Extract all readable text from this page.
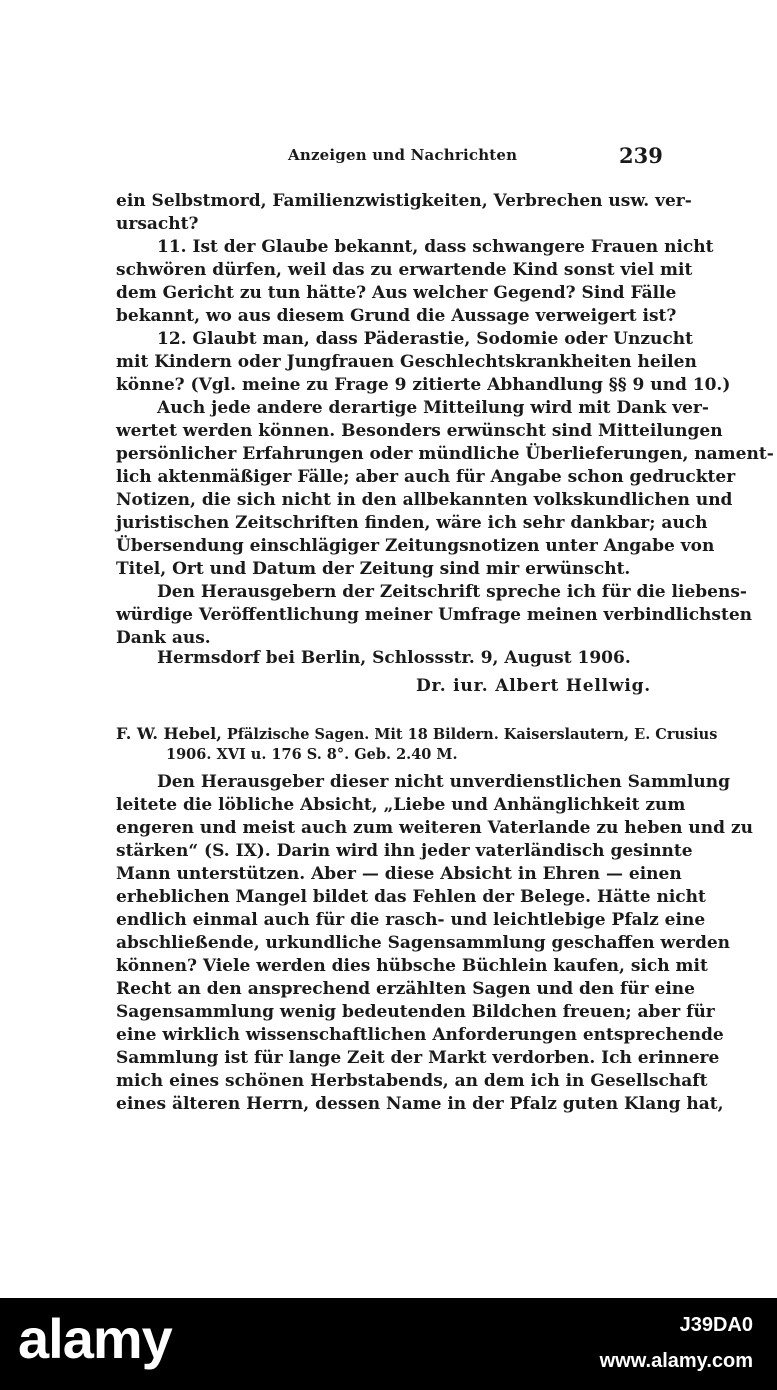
Anzeigen und Nachrichten	239
ein Selbstmord, Familienzwistigkeiten, Verbrechen usw. ver-
ursacht?
11. Ist der Glaube bekannt, dass schwangere Frauen nicht
schwören dürfen, weil das zu erwartende Kind sonst viel mit
dem Gericht zu tun hätte? Aus welcher Gegend? Sind Fälle
bekannt, wo aus diesem Grund die Aussage verweigert ist?
12. Glaubt man, dass Päderastie, Sodomie oder Unzucht
mit Kindern oder Jungfrauen Geschlechtskrankheiten heilen
könne? (Vgl. meine zu Frage 9 zitierte Abhandlung §§ 9 und 10.)
Auch jede andere derartige Mitteilung wird mit Dank ver-
wertet werden können. Besonders erwünscht sind Mitteilungen
persönlicher Erfahrungen oder mündliche Überlieferungen, nament-
lich aktenmäßiger Fälle; aber auch für Angabe schon gedruckter
Notizen, die sich nicht in den allbekannten volkskundlichen und
juristischen Zeitschriften finden, wäre ich sehr dankbar; auch
Übersendung einschlägiger Zeitungsnotizen unter Angabe von
Titel, Ort und Datum der Zeitung sind mir erwünscht.
Den Herausgebern der Zeitschrift spreche ich für die liebens-
würdige Veröffentlichung meiner Umfrage meinen verbindlichsten
Dank aus.
Hermsdorf bei Berlin, Schlossstr. 9, August 1906.
Dr. iur. Albert Hellwig.
F. W. Hebel, Pfälzische Sagen. Mit 18 Bildern. Kaiserslautern, E. Crusius
1906. XVI u. 176 S. 8°. Geb. 2.40 M.
Den Herausgeber dieser nicht unverdienstlichen Sammlung
leitete die löbliche Absicht, „Liebe und Anhänglichkeit zum
engeren und meist auch zum weiteren Vaterlande zu heben und zu
stärken“ (S. IX). Darin wird ihn jeder vaterländisch gesinnte
Mann unterstützen. Aber — diese Absicht in Ehren — einen
erheblichen Mangel bildet das Fehlen der Belege. Hätte nicht
endlich einmal auch für die rasch- und leichtlebige Pfalz eine
abschließende, urkundliche Sagensammlung geschaffen werden
können? Viele werden dies hübsche Büchlein kaufen, sich mit
Recht an den ansprechend erzählten Sagen und den für eine
Sagensammlung wenig bedeutenden Bildchen freuen; aber für
eine wirklich wissenschaftlichen Anforderungen entsprechende
Sammlung ist für lange Zeit der Markt verdorben. Ich erinnere
mich eines schönen Herbstabends, an dem ich in Gesellschaft
eines älteren Herrn, dessen Name in der Pfalz guten Klang hat,
alamy	J39DA0
www.alamy.com
